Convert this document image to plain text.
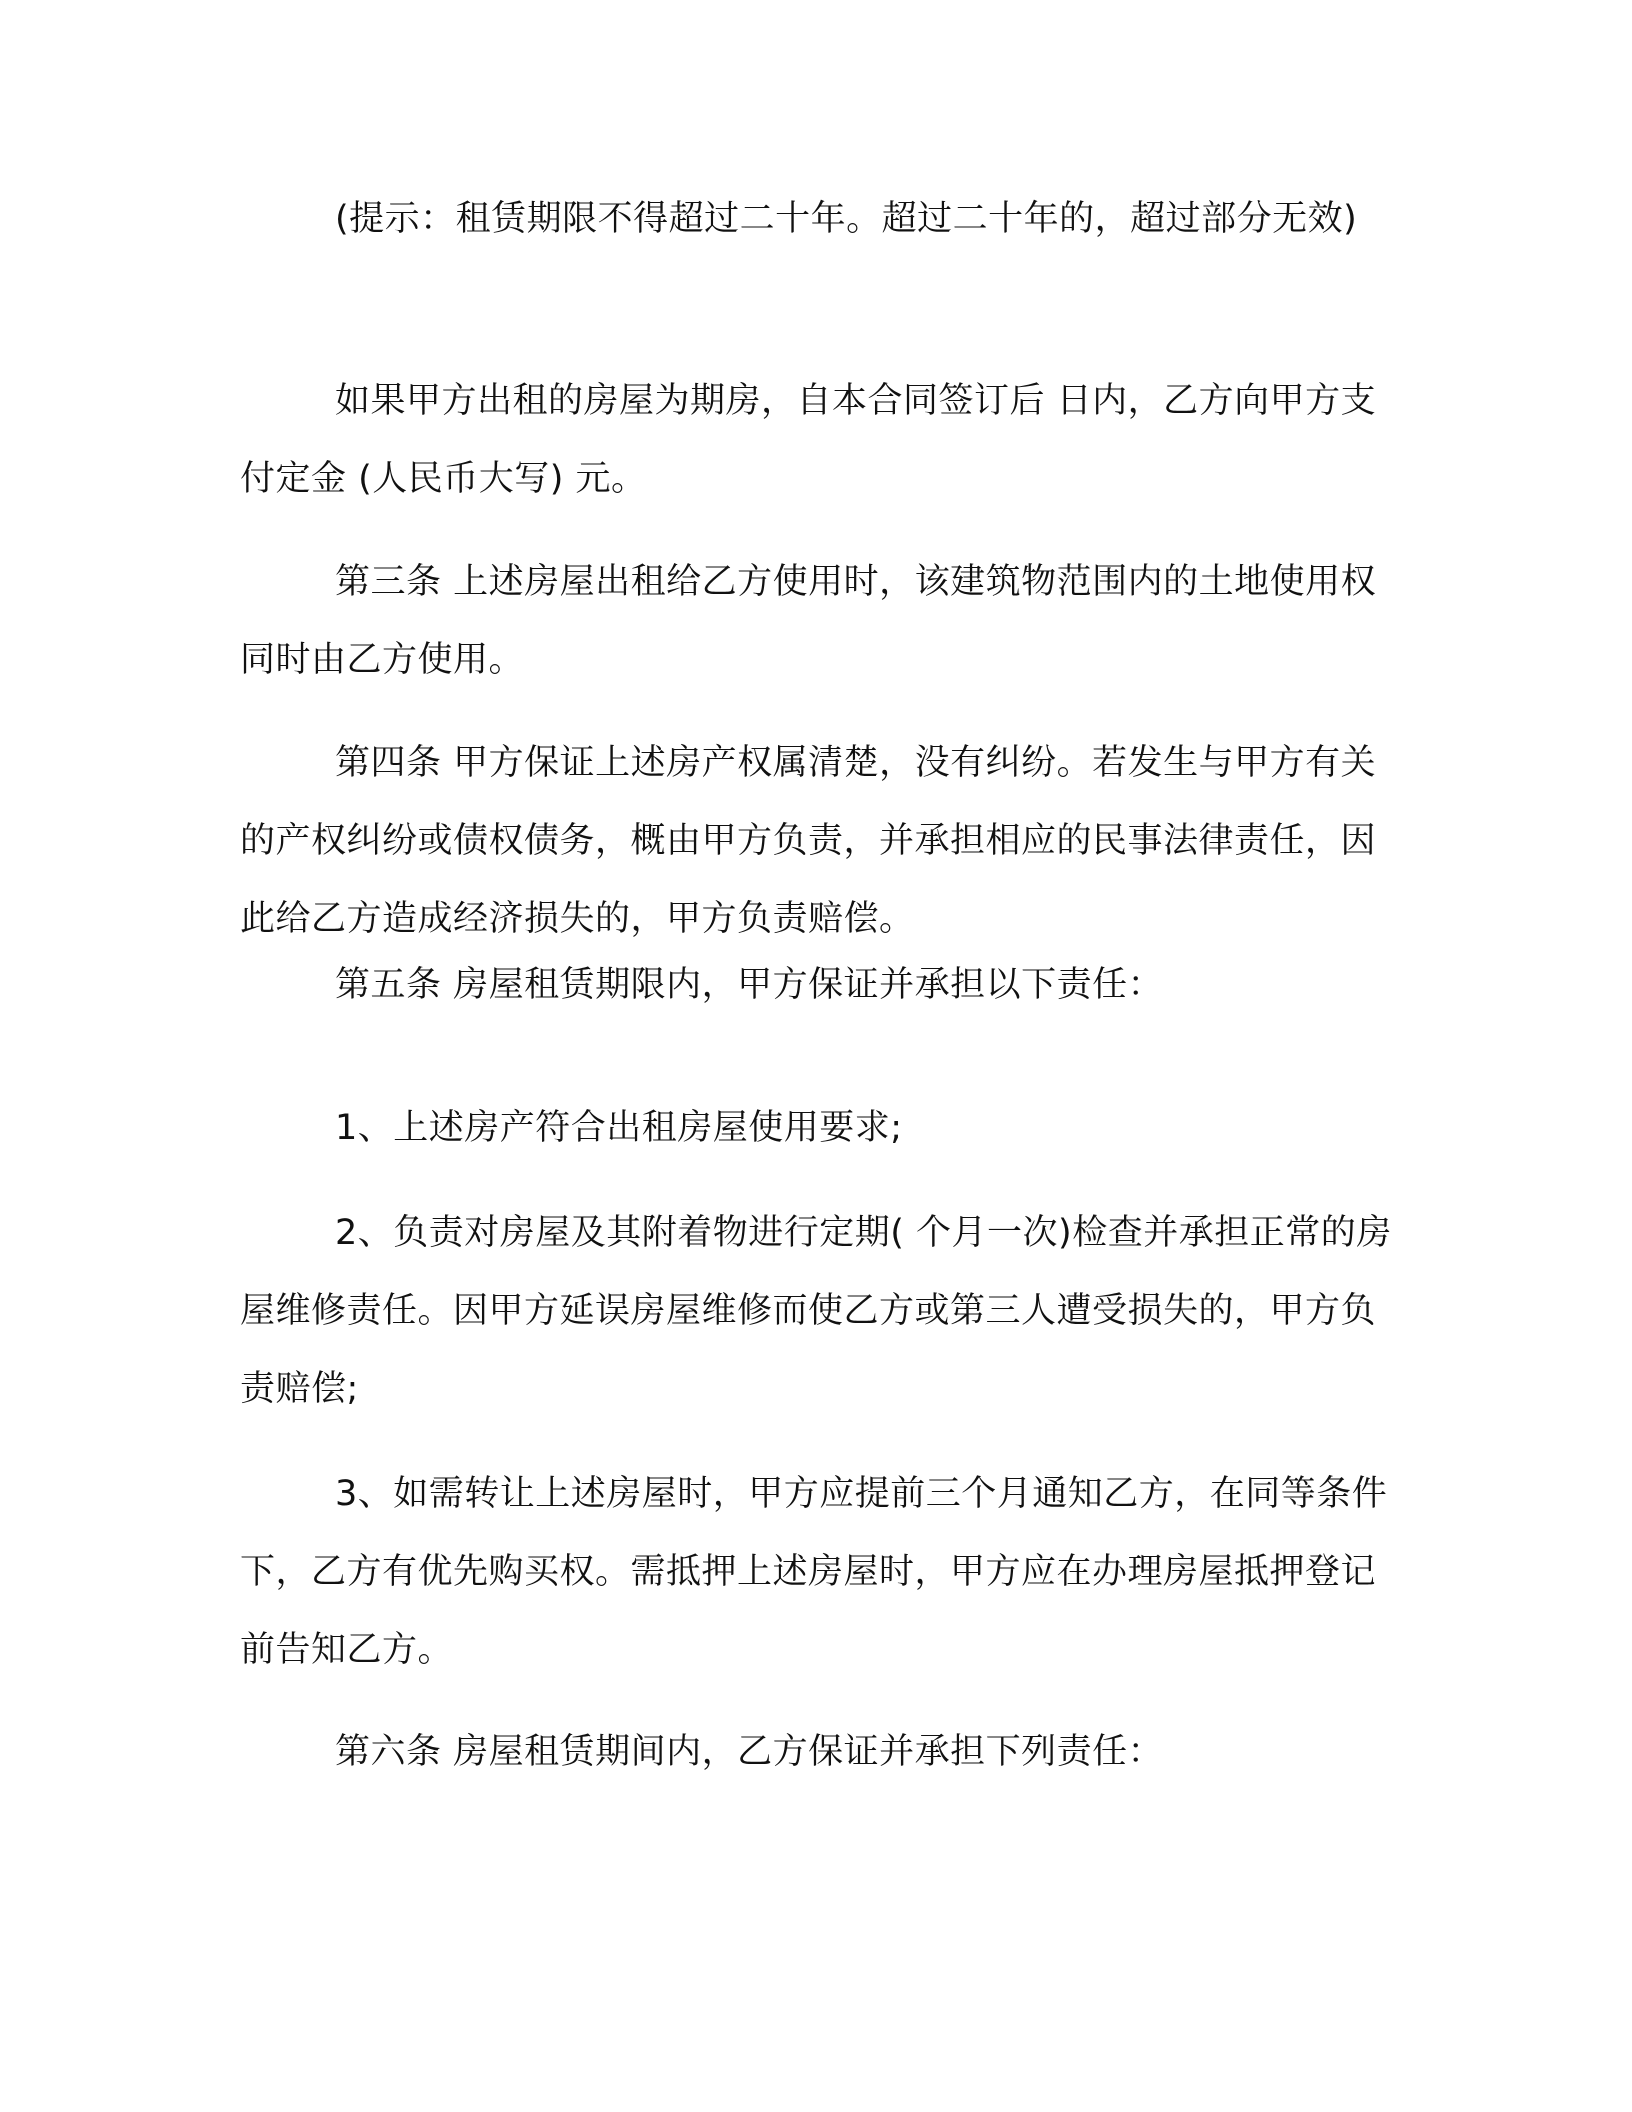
(提示：租赁期限不得超过二十年。超过二十年的，超过部分无效)

如果甲方出租的房屋为期房，自本合同签订后 日内，乙方向甲方支付定金 (人民币大写) 元。

第三条 上述房屋出租给乙方使用时，该建筑物范围内的土地使用权同时由乙方使用。

第四条 甲方保证上述房产权属清楚，没有纠纷。若发生与甲方有关的产权纠纷或债权债务，概由甲方负责，并承担相应的民事法律责任，因此给乙方造成经济损失的，甲方负责赔偿。

第五条 房屋租赁期限内，甲方保证并承担以下责任：

1、上述房产符合出租房屋使用要求;

2、负责对房屋及其附着物进行定期( 个月一次)检查并承担正常的房屋维修责任。因甲方延误房屋维修而使乙方或第三人遭受损失的，甲方负责赔偿;

3、如需转让上述房屋时，甲方应提前三个月通知乙方，在同等条件下，乙方有优先购买权。需抵押上述房屋时，甲方应在办理房屋抵押登记前告知乙方。

第六条 房屋租赁期间内，乙方保证并承担下列责任：
